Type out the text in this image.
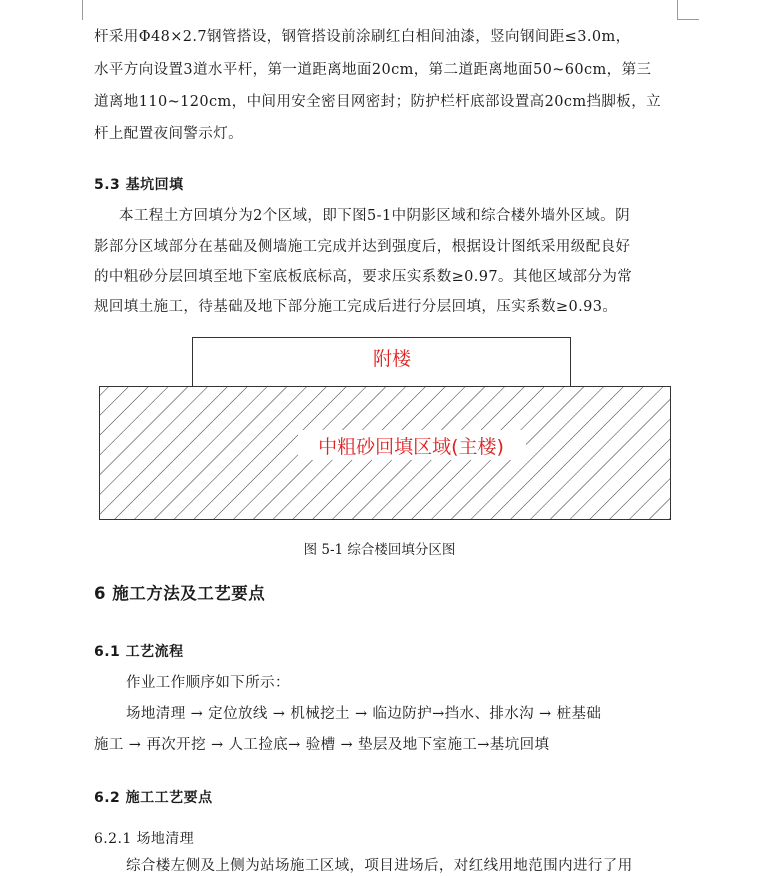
杆采用Φ48×2.7钢管搭设，钢管搭设前涂刷红白相间油漆，竖向钢间距≤3.0m，
水平方向设置3道水平杆，第一道距离地面20cm，第二道距离地面50~60cm，第三
道离地110~120cm，中间用安全密目网密封；防护栏杆底部设置高20cm挡脚板，立
杆上配置夜间警示灯。
5.3 基坑回填
本工程土方回填分为2个区域，即下图5-1中阴影区域和综合楼外墙外区域。阴
影部分区域部分在基础及侧墙施工完成并达到强度后，根据设计图纸采用级配良好
的中粗砂分层回填至地下室底板底标高，要求压实系数≥0.97。其他区域部分为常
规回填土施工，待基础及地下部分施工完成后进行分层回填，压实系数≥0.93。
附楼
中粗砂回填区域(主楼)
图 5-1 综合楼回填分区图
6 施工方法及工艺要点
6.1 工艺流程
作业工作顺序如下所示：
场地清理 → 定位放线 → 机械挖土 → 临边防护→挡水、排水沟 → 桩基础
施工 → 再次开挖 → 人工捡底→ 验槽 → 垫层及地下室施工→基坑回填
6.2 施工工艺要点
6.2.1 场地清理
综合楼左侧及上侧为站场施工区域，项目进场后，对红线用地范围内进行了用
